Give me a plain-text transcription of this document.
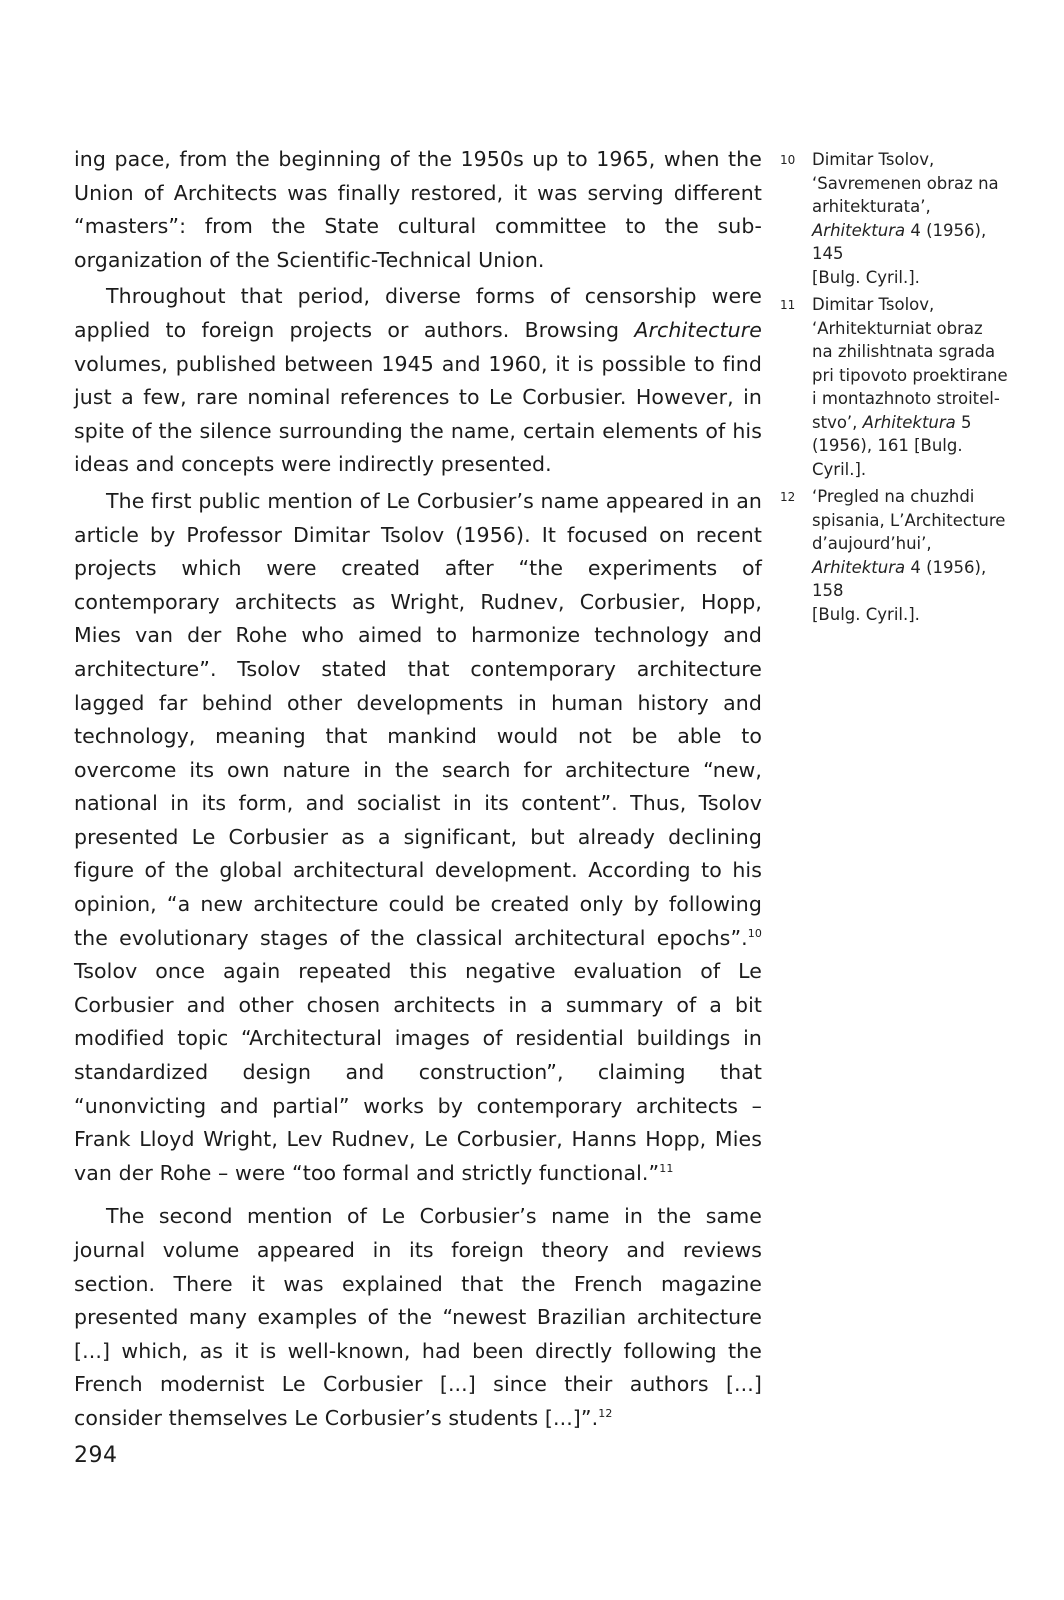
ing pace, from the beginning of the 1950s up to 1965, when the Union of Architects was finally restored, it was serving different “masters”: from the State cultural committee to the sub-organization of the Scientific-Technical Union.

Throughout that period, diverse forms of censorship were applied to foreign projects or authors. Browsing Architecture volumes, published between 1945 and 1960, it is possible to find just a few, rare nominal references to Le Corbusier. However, in spite of the silence surrounding the name, certain elements of his ideas and concepts were indirectly presented.

The first public mention of Le Corbusier’s name appeared in an article by Professor Dimitar Tsolov (1956). It focused on recent projects which were created after “the experiments of contemporary architects as Wright, Rudnev, Corbusier, Hopp, Mies van der Rohe who aimed to harmonize technology and architecture”. Tsolov stated that contemporary architecture lagged far behind other developments in human history and technology, meaning that mankind would not be able to overcome its own nature in the search for architecture “new, national in its form, and socialist in its content”. Thus, Tsolov presented Le Corbusier as a significant, but already declining figure of the global architectural development. According to his opinion, “a new architecture could be created only by following the evolutionary stages of the classical architectural epochs”.$^{10}$ Tsolov once again repeated this negative evaluation of Le Corbusier and other chosen architects in a summary of a bit modified topic “Architectural images of residential buildings in standardized design and construction”, claiming that “unonvicting and partial” works by contemporary architects – Frank Lloyd Wright, Lev Rudnev, Le Corbusier, Hanns Hopp, Mies van der Rohe – were “too formal and strictly functional.”$^{11}$

The second mention of Le Corbusier’s name in the same journal volume appeared in its foreign theory and reviews section. There it was explained that the French magazine presented many examples of the “newest Brazilian architecture [...] which, as it is well-known, had been directly following the French modernist Le Corbusier [...] since their authors [...] consider themselves Le Corbusier’s students [...]”.$^{12}$

10 Dimitar Tsolov,
‘Savremenen obraz na
arhitekturata’,
Arhitektura 4 (1956), 145
[Bulg. Cyril.].
11 Dimitar Tsolov,
‘Arhitekturniat obraz
na zhilishtnata sgrada
pri tipovoto proektirane
i montazhnoto stroitel-
stvo’, Arhitektura 5
(1956), 161 [Bulg. Cyril.].
12 ‘Pregled na chuzhdi
spisania, L’Architecture
d’aujourd’hui’,
Arhitektura 4 (1956), 158
[Bulg. Cyril.].
294
